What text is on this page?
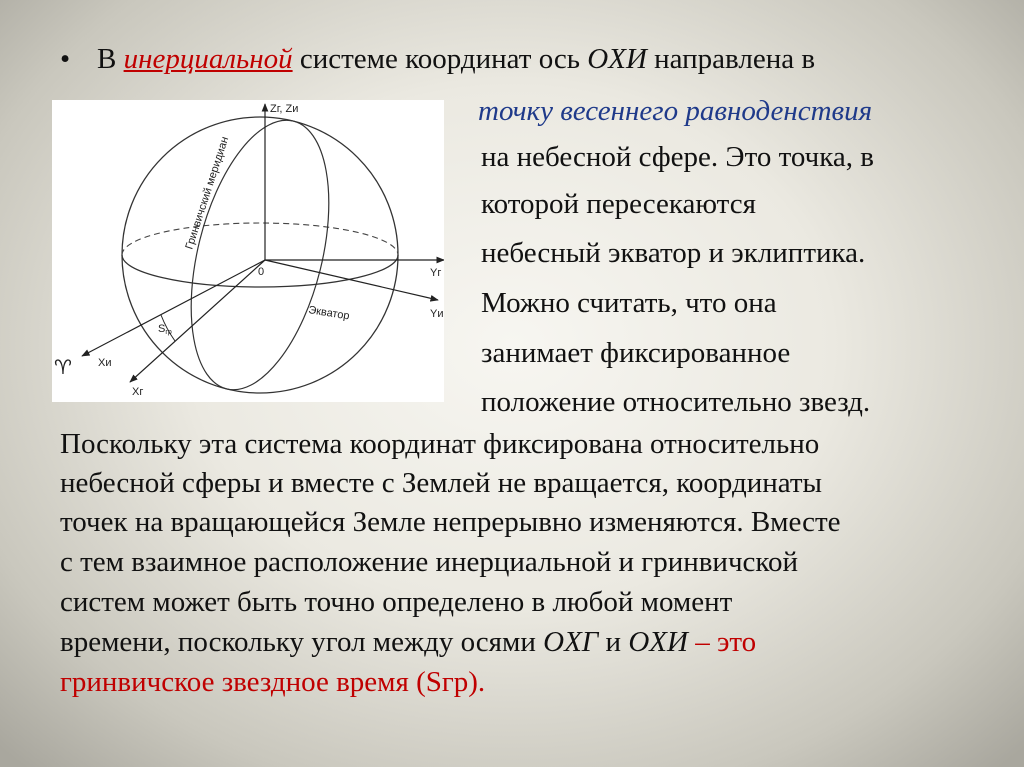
• В инерциальной системе координат ось OXИ направлена в

точку весеннего равноденствия

на небесной сфере. Это точка, в

которой пересекаются

небесный экватор и эклиптика.

Можно считать, что она

занимает фиксированное

положение относительно звезд.

Поскольку эта система координат фиксирована относительно

небесной сферы и вместе с Землей не вращается, координаты

точек на вращающейся Земле непрерывно изменяются. Вместе

с тем взаимное расположение инерциальной и гринвичской

систем может быть точно определено в любой момент

времени, поскольку угол между осями OXГ и OXИ – это

гринвичское звездное время (Sгр).

Zг, Zи
0	Yг
Yи
Xи
Xг
Sгр
Гринвичский меридиан
Экватор
♈
